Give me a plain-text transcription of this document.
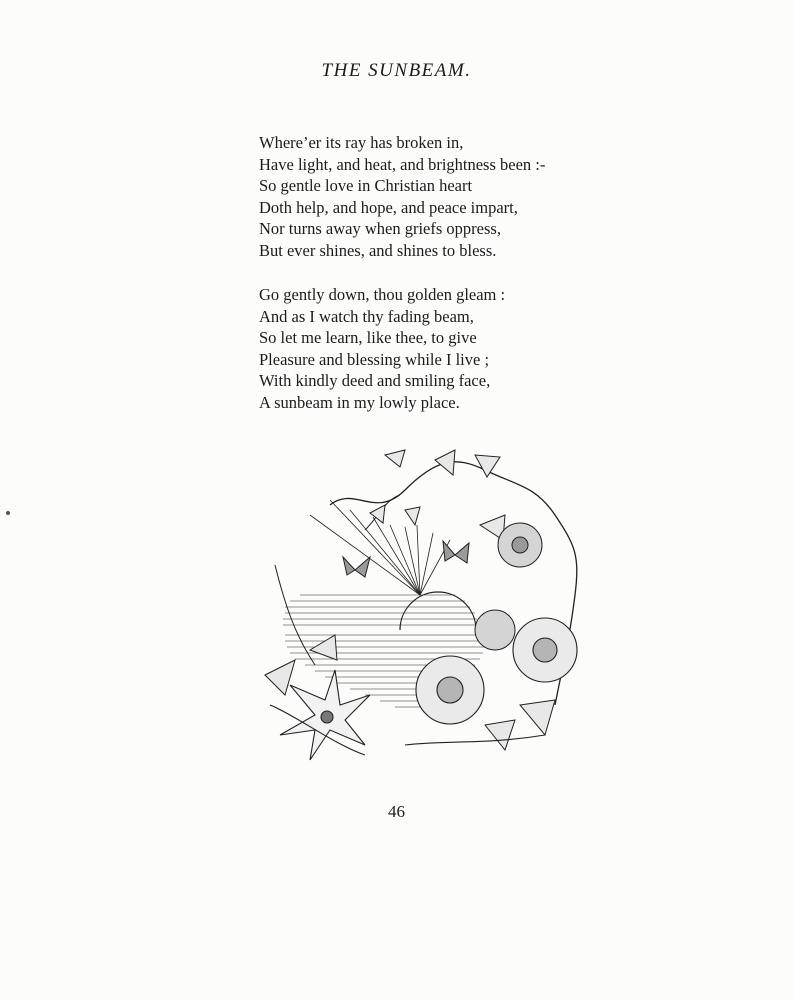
THE SUNBEAM.
Where’er its ray has broken in,
Have light, and heat, and brightness been :-
So gentle love in Christian heart
Doth help, and hope, and peace impart,
Nor turns away when griefs oppress,
But ever shines, and shines to bless.
Go gently down, thou golden gleam :
And as I watch thy fading beam,
So let me learn, like thee, to give
Pleasure and blessing while I live ;
With kindly deed and smiling face,
A sunbeam in my lowly place.
46
